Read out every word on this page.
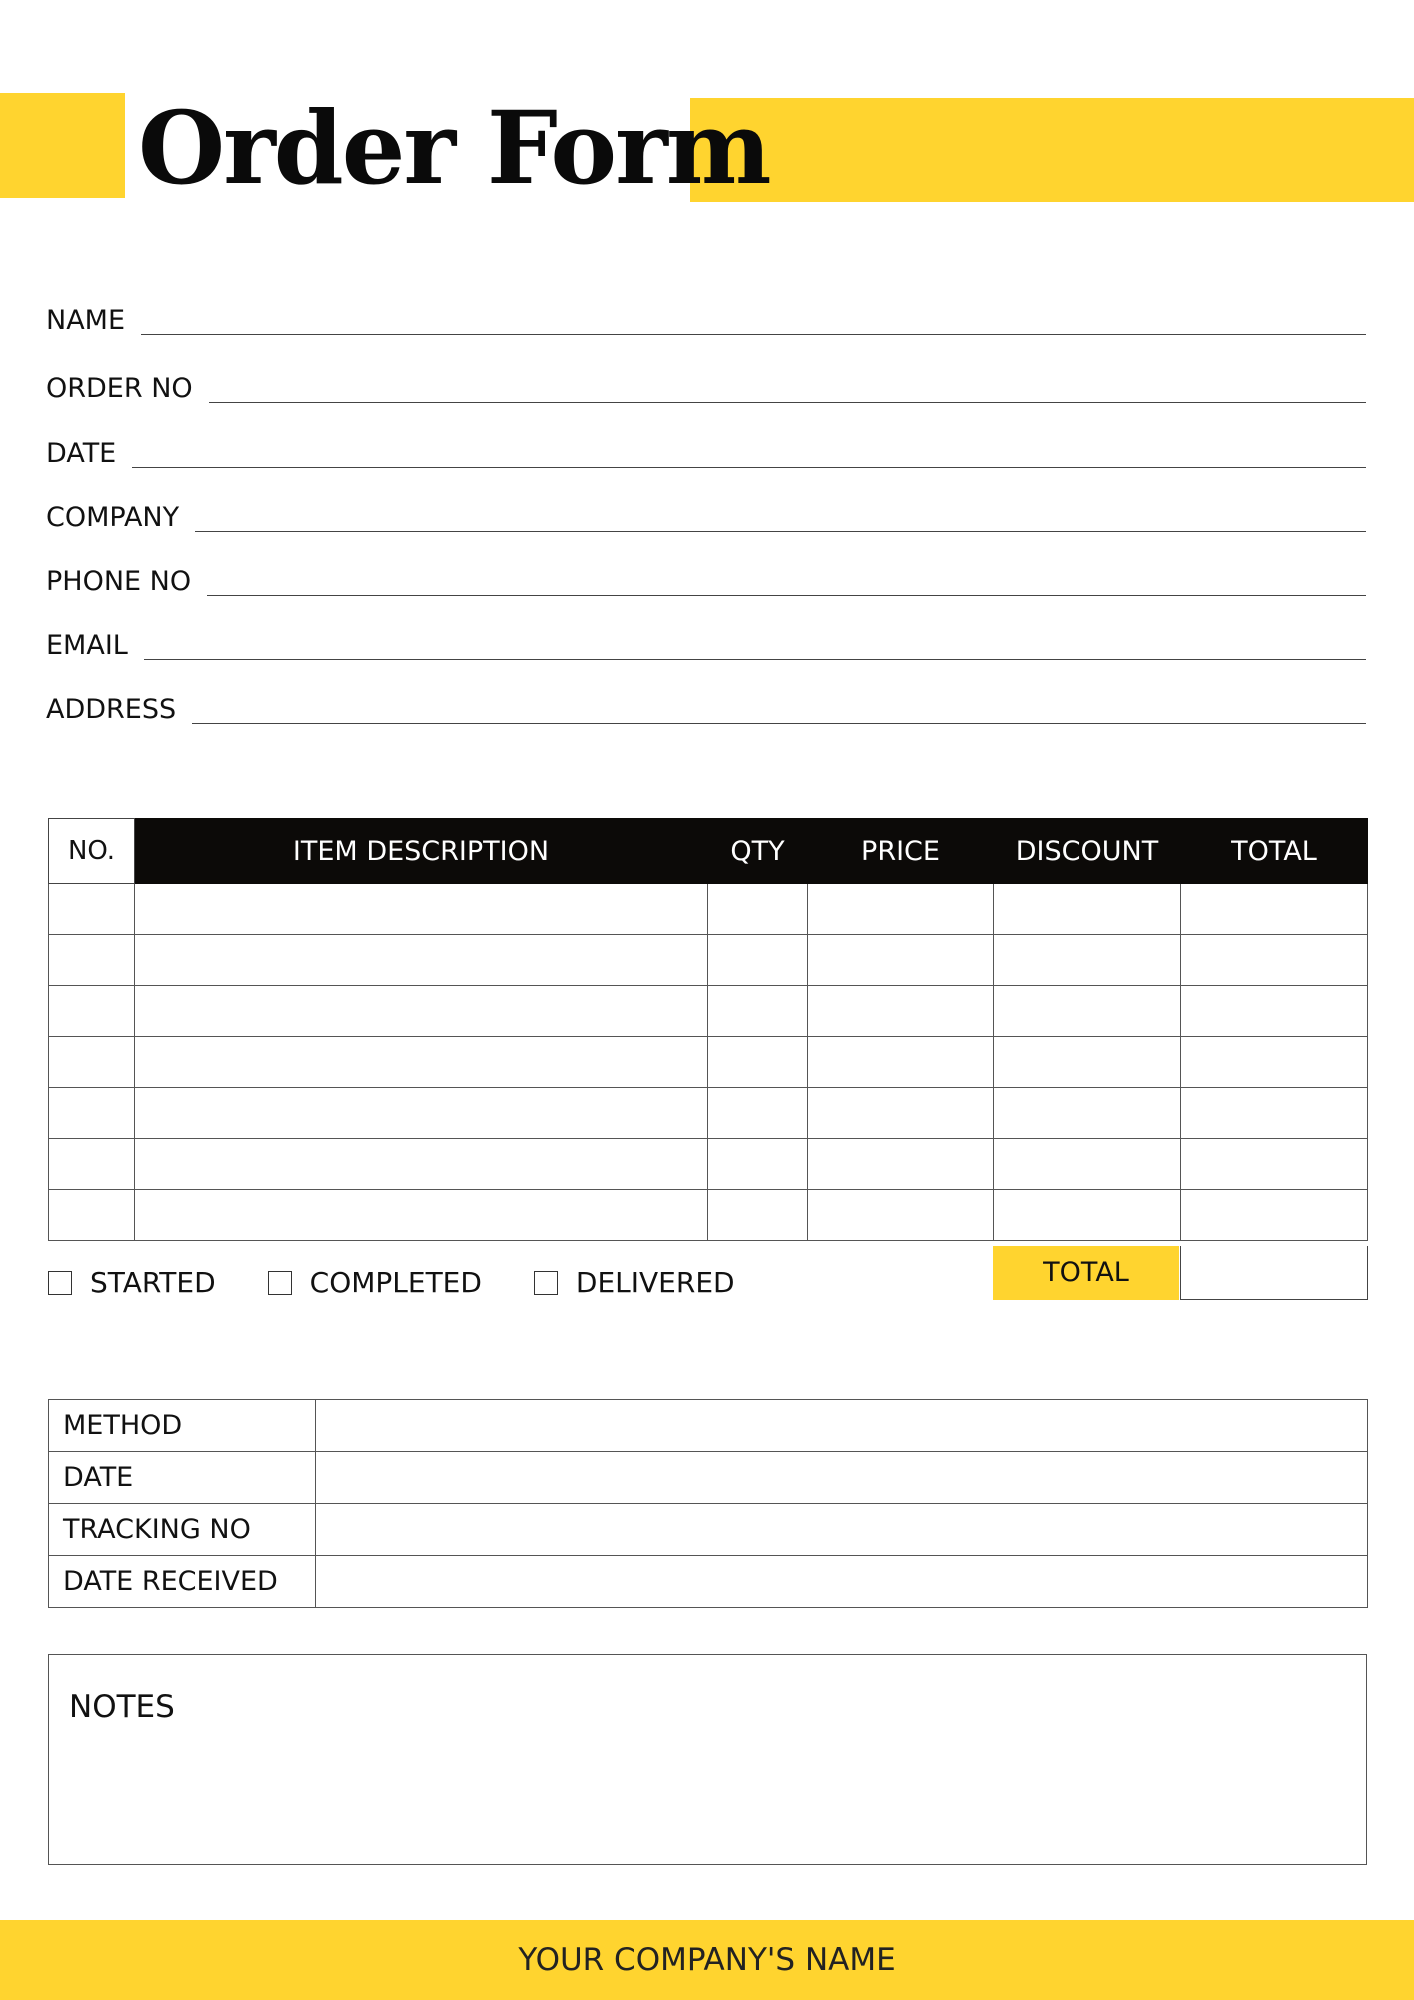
Order Form
NAME
ORDER NO
DATE
COMPANY
PHONE NO
EMAIL
ADDRESS
NO.	ITEM DESCRIPTION	QTY	PRICE	DISCOUNT	TOTAL

STARTED	COMPLETED	DELIVERED	TOTAL
METHOD	
DATE	
TRACKING NO	
DATE RECEIVED	
NOTES
YOUR COMPANY'S NAME
